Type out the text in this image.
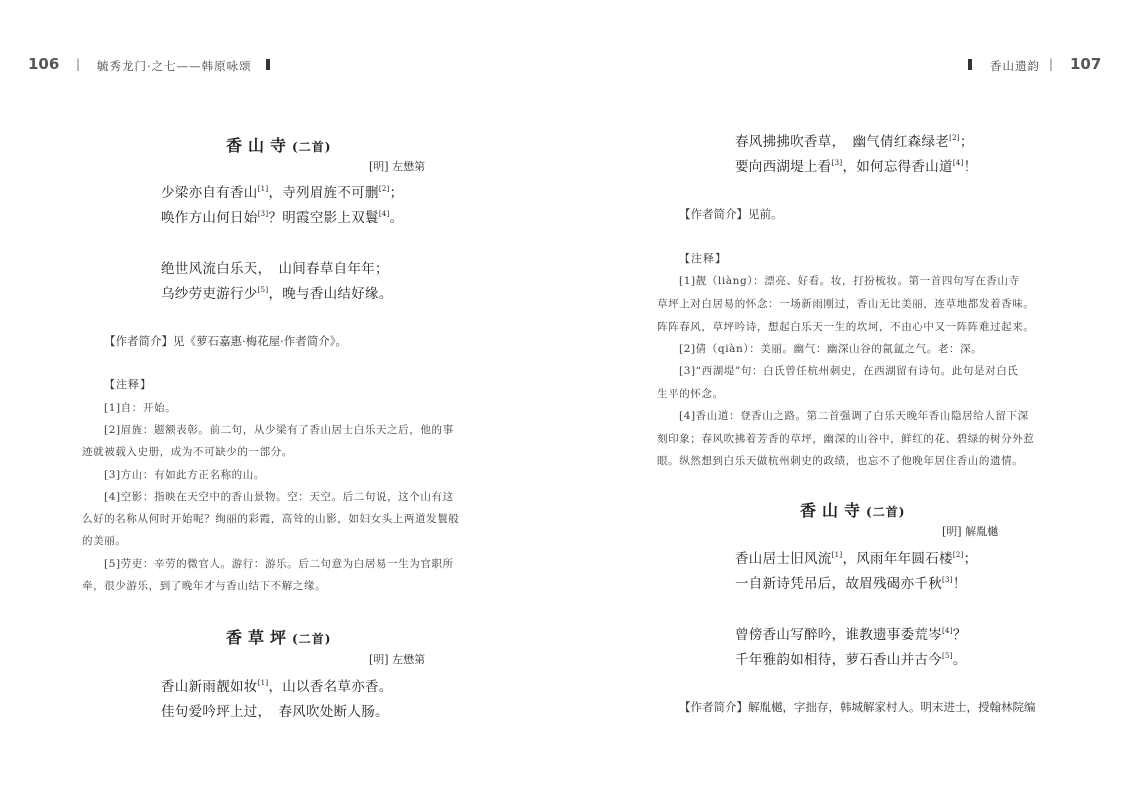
106 | 毓秀龙门·之七——韩原咏颂	香山遗韵 | 107
香山寺(二首)
[明] 左懋第
少梁亦自有香山[1]，寺列眉旌不可删[2]；
唤作方山何日始[3]？明霞空影上双鬟[4]。
绝世风流白乐天，　山间春草自年年；
乌纱劳吏游行少[5]，晚与香山结好缘。
【作者简介】见《萝石嘉惠·梅花屋·作者简介》。
【注释】
[1]自：开始。
[2]眉旌：题额表彰。前二句，从少梁有了香山居士白乐天之后，他的事
迹就被载入史册，成为不可缺少的一部分。
[3]方山：有如此方正名称的山。
[4]空影：指映在天空中的香山景物。空：天空。后二句说，这个山有这
么好的名称从何时开始呢？绚丽的彩霞，高耸的山影，如妇女头上两道发鬟般
的美丽。
[5]劳吏：辛劳的微官人。游行：游乐。后二句意为白居易一生为官职所
牵，很少游乐，到了晚年才与香山结下不解之缘。
香草坪(二首)
[明] 左懋第
香山新雨靓如妆[1]，山以香名草亦香。
佳句爱吟坪上过，　春风吹处断人肠。
春风拂拂吹香草，　幽气倩红森绿老[2]；
要向西湖堤上看[3]，如何忘得香山道[4]！
【作者简介】见前。
【注释】
[1]靓（liàng）：漂亮、好看。妆，打扮梳妆。第一首四句写在香山寺
草坪上对白居易的怀念：一场新雨刚过，香山无比美丽，连草地都发着香味。
阵阵春风，草坪吟诗，想起白乐天一生的坎坷，不由心中又一阵阵难过起来。
[2]倩（qiàn）：美丽。幽气：幽深山谷的氤氲之气。老：深。
[3]“西湖堤”句：白氏曾任杭州刺史，在西湖留有诗句。此句是对白氏
生平的怀念。
[4]香山道：登香山之路。第二首强调了白乐天晚年香山隐居给人留下深
刻印象；春风吹拂着芳香的草坪，幽深的山谷中，鲜红的花、碧绿的树分外惹
眼。纵然想到白乐天做杭州刺史的政绩，也忘不了他晚年居住香山的遗情。
香山寺(二首)
[明] 解胤樾
香山居士旧风流[1]，风雨年年圆石楼[2]；
一自新诗凭吊后，故眉残碣亦千秋[3]！
曾傍香山写醉吟，谁教遗事委荒岑[4]？
千年雅韵如相待，萝石香山并古今[5]。
【作者简介】解胤樾，字拙存，韩城解家村人。明末进士，授翰林院编
